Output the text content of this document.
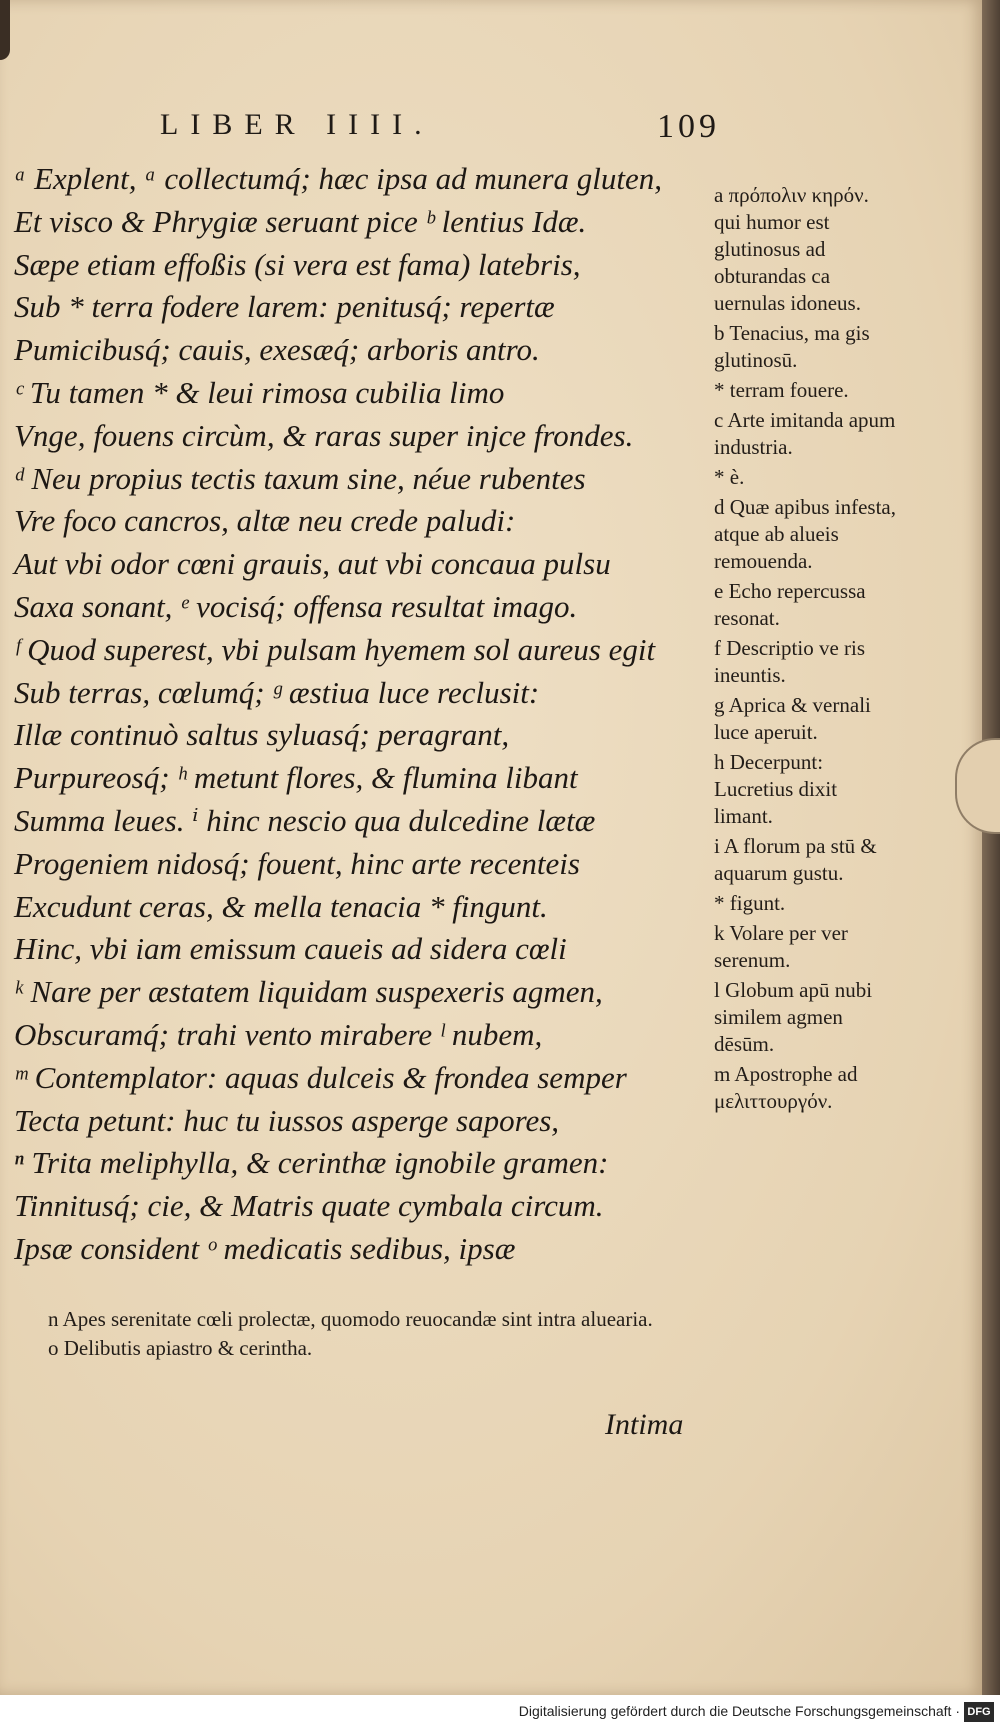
LIBER IIII.	109
ᵃ Explent, ᵃ collectumq́; hæc ipsa ad munera gluten,
Et visco & Phrygiæ seruant pice ᵇ lentius Idæ.
Sæpe etiam effoßis (si vera est fama) latebris,
Sub * terra fodere larem: penitusq́; repertæ
Pumicibusq́; cauis, exesæq́; arboris antro.
ᶜ Tu tamen * & leui rimosa cubilia limo
Vnge, fouens circùm, & raras super injce frondes.
ᵈ Neu propius tectis taxum sine, néue rubentes
Vre foco cancros, altæ neu crede paludi:
Aut vbi odor cœni grauis, aut vbi concaua pulsu
Saxa sonant, ᵉ vocisq́; offensa resultat imago.
ᶠ Quod superest, vbi pulsam hyemem sol aureus egit
Sub terras, cœlumq́; ᵍ æstiua luce reclusit:
Illæ continuò saltus syluasq́; peragrant,
Purpureosq́; ʰ metunt flores, & flumina libant
Summa leues. ⁱ hinc nescio qua dulcedine lætæ
Progeniem nidosq́; fouent, hinc arte recenteis
Excudunt ceras, & mella tenacia * fingunt.
Hinc, vbi iam emissum caueis ad sidera cœli
ᵏ Nare per æstatem liquidam suspexeris agmen,
Obscuramq́; trahi vento mirabere ˡ nubem,
ᵐ Contemplator: aquas dulceis & frondea semper
Tecta petunt: huc tu iussos asperge sapores,
ⁿ Trita meliphylla, & cerinthæ ignobile gramen:
Tinnitusq́; cie, & Matris quate cymbala circum.
Ipsæ consident ᵒ medicatis sedibus, ipsæ
a πρόπολιν κηρόν. qui humor est glutinosus ad obturandas ca uernulas idoneus.
b Tenacius, ma gis glutinosū.
* terram fouere.
c Arte imitanda apum industria.
* è.
d Quæ apibus infesta, atque ab alueis remouenda.
e Echo repercussa resonat.
f Descriptio ve ris ineuntis.
g Aprica & vernali luce aperuit.
h Decerpunt: Lucretius dixit limant.
i A florum pa stū & aquarum gustu.
* figunt.
k Volare per ver serenum.
l Globum apū nubi similem agmen dēsūm.
m Apostrophe ad μελιττουργόν.
n Apes serenitate cœli prolectæ, quomodo reuocandæ sint intra aluearia.
o Delibutis apiastro & cerintha.
Intima
Digitalisierung gefördert durch die Deutsche Forschungsgemeinschaft · DFG
